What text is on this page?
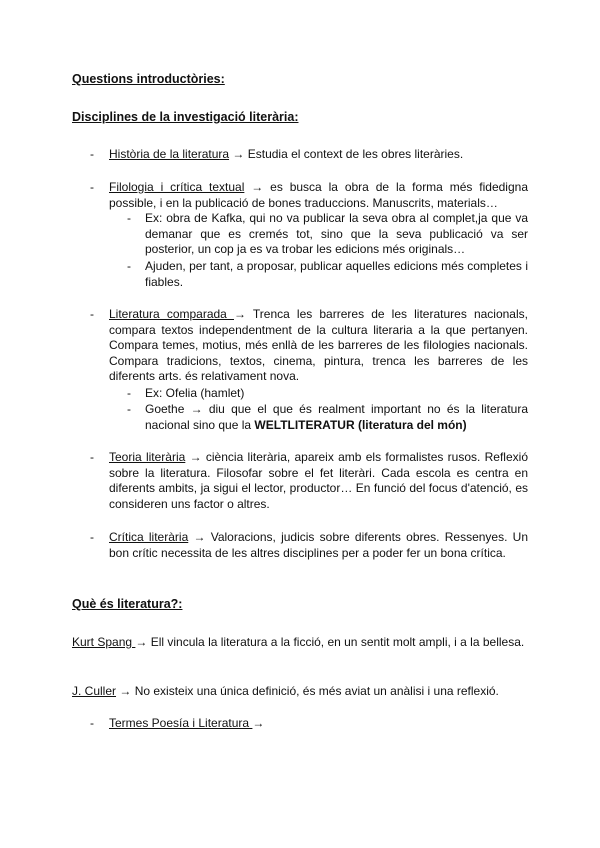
Questions introductòries:

Disciplines de la investigació literària:

- Història de la literatura → Estudia el context de les obres literàries.

- Filologia i crítica textual → es busca la obra de la forma més fidedigna possible, i en la publicació de bones traduccions. Manuscrits, materials…

- Ex: obra de Kafka, qui no va publicar la seva obra al complet,ja que va demanar que es cremés tot, sino que la seva publicació va ser posterior, un cop ja es va trobar les edicions més originals…

- Ajuden, per tant, a proposar, publicar aquelles edicions més completes i fiables.

- Literatura comparada → Trenca les barreres de les literatures nacionals, compara textos independentment de la cultura literaria a la que pertanyen. Compara temes, motius, més enllà de les barreres de les filologies nacionals. Compara tradicions, textos, cinema, pintura, trenca les barreres de les diferents arts. és relativament nova.

- Ex: Ofelia (hamlet)

- Goethe → diu que el que és realment important no és la literatura nacional sino que la WELTLITERATUR (literatura del món)

- Teoria literària → ciència literària, apareix amb els formalistes rusos. Reflexió sobre la literatura. Filosofar sobre el fet literàri. Cada escola es centra en diferents ambits, ja sigui el lector, productor… En funció del focus d'atenció, es consideren uns factor o altres.

- Crítica literària → Valoracions, judicis sobre diferents obres. Ressenyes. Un bon crític necessita de les altres disciplines per a poder fer un bona crítica.

Què és literatura?:

Kurt Spang → Ell vincula la literatura a la ficció, en un sentit molt ampli, i a la bellesa.

J. Culler → No existeix una única definició, és més aviat un anàlisi i una reflexió.

- Termes Poesía i Literatura →
